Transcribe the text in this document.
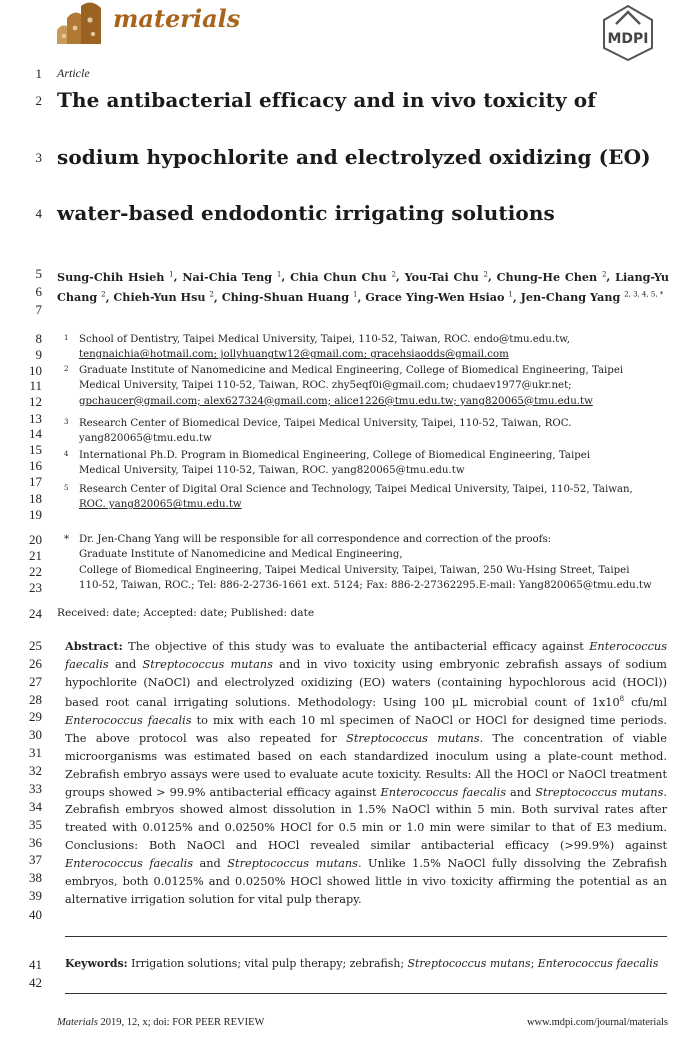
materials
MDPI
1
2
3
4
5
6
7
8
9
10
11
12
13
14
15
16
17
18
19
20
21
22
23
24
25
26
27
28
29
30
31
32
33
34
35
36
37
38
39
40
41
42
Article
The antibacterial efficacy and in vivo toxicity of
sodium hypochlorite and electrolyzed oxidizing (EO)
water-based endodontic irrigating solutions
Sung-Chih Hsieh $^1$, Nai-Chia Teng $^1$, Chia Chun Chu $^2$, You-Tai Chu $^2$, Chung-He Chen $^2$, Liang-Yu Chang $^2$, Chieh-Yun Hsu $^2$, Ching-Shuan Huang $^1$, Grace Ying-Wen Hsiao $^1$, Jen-Chang Yang $^{2, 3, 4, 5, *}$
1 School of Dentistry, Taipei Medical University, Taipei, 110-52, Taiwan, ROC. endo@tmu.edu.tw,
tengnaichia@hotmail.com; jollyhuangtw12@gmail.com; gracehsiaodds@gmail.com
2 Graduate Institute of Nanomedicine and Medical Engineering, College of Biomedical Engineering, Taipei
Medical University, Taipei 110-52, Taiwan, ROC. zhy5eqf0i@gmail.com; chudaev1977@ukr.net;
gpchaucer@gmail.com; alex627324@gmail.com; alice1226@tmu.edu.tw; yang820065@tmu.edu.tw
3 Research Center of Biomedical Device, Taipei Medical University, Taipei, 110-52, Taiwan, ROC.
yang820065@tmu.edu.tw
4 International Ph.D. Program in Biomedical Engineering, College of Biomedical Engineering, Taipei
Medical University, Taipei 110-52, Taiwan, ROC. yang820065@tmu.edu.tw
5 Research Center of Digital Oral Science and Technology, Taipei Medical University, Taipei, 110-52, Taiwan,
ROC. yang820065@tmu.edu.tw
* Dr. Jen-Chang Yang will be responsible for all correspondence and correction of the proofs:
Graduate Institute of Nanomedicine and Medical Engineering,
College of Biomedical Engineering, Taipei Medical University, Taipei, Taiwan, 250 Wu-Hsing Street, Taipei
110-52, Taiwan, ROC.; Tel: 886-2-2736-1661 ext. 5124; Fax: 886-2-27362295.E-mail: Yang820065@tmu.edu.tw
Received: date; Accepted: date; Published: date
Abstract: The objective of this study was to evaluate the antibacterial efficacy against Enterococcus faecalis and Streptococcus mutans and in vivo toxicity using embryonic zebrafish assays of sodium hypochlorite (NaOCl) and electrolyzed oxidizing (EO) waters (containing hypochlorous acid (HOCl)) based root canal irrigating solutions. Methodology: Using 100 μL microbial count of $1x10^8$ cfu/ml Enterococcus faecalis to mix with each 10 ml specimen of NaOCl or HOCl for designed time periods. The above protocol was also repeated for Streptococcus mutans. The concentration of viable microorganisms was estimated based on each standardized inoculum using a plate-count method. Zebrafish embryo assays were used to evaluate acute toxicity. Results: All the HOCl or NaOCl treatment groups showed > 99.9% antibacterial efficacy against Enterococcus faecalis and Streptococcus mutans. Zebrafish embryos showed almost dissolution in 1.5% NaOCl within 5 min. Both survival rates after treated with 0.0125% and 0.0250% HOCl for 0.5 min or 1.0 min were similar to that of E3 medium. Conclusions: Both NaOCl and HOCl revealed similar antibacterial efficacy (>99.9%) against Enterococcus faecalis and Streptococcus mutans. Unlike 1.5% NaOCl fully dissolving the Zebrafish embryos, both 0.0125% and 0.0250% HOCl showed little in vivo toxicity affirming the potential as an alternative irrigation solution for vital pulp therapy.
Keywords: Irrigation solutions; vital pulp therapy; zebrafish; Streptococcus mutans; Enterococcus faecalis
Materials 2019, 12, x; doi: FOR PEER REVIEW	www.mdpi.com/journal/materials
